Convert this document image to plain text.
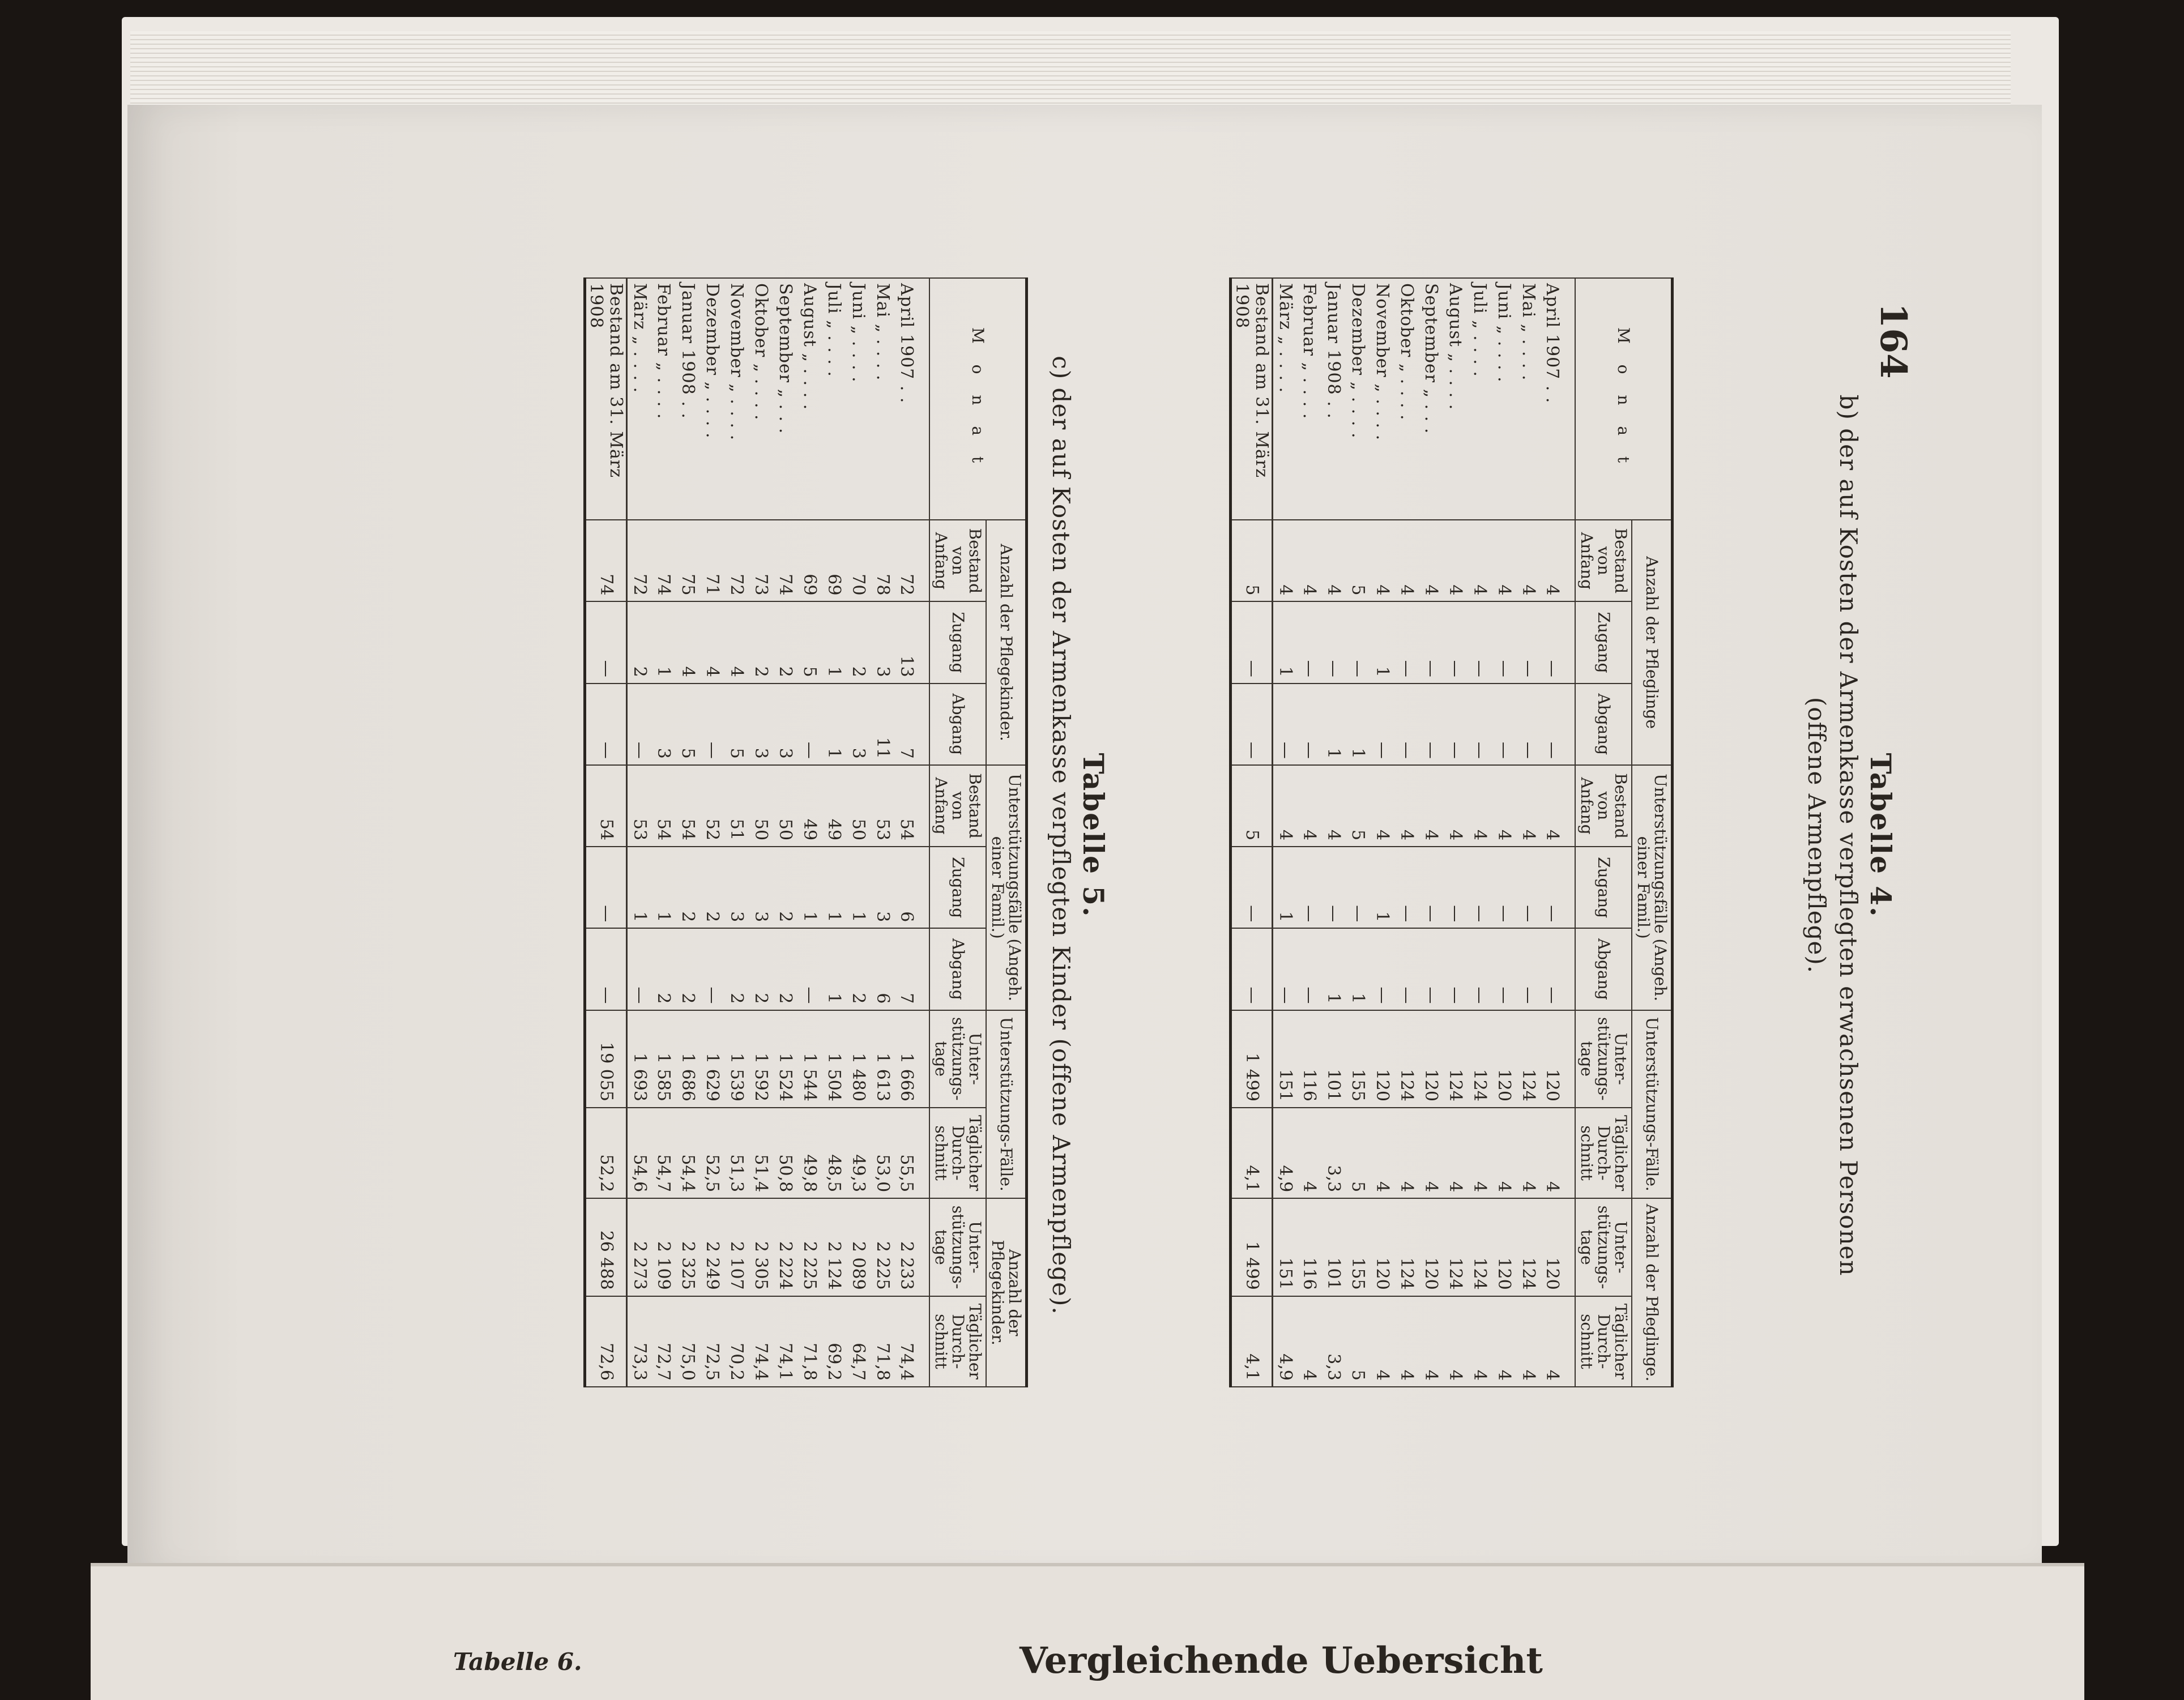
Tabelle 6.	Vergleichende Uebersicht
164
Tabelle 4.
b) der auf Kosten der Armenkasse verpflegten erwachsenen Personen
(offene Armenpflege).
M o n a t	Anzahl der Pfleglinge			Unterstützungsfälle (Angeh. einer Famil.)			Unterstützungs-Fälle.		Anzahl der Pfleglinge.	
	Bestand von Anfang	Zugang	Abgang	Bestand von Anfang	Zugang	Abgang	Unter-stützungs-tage	Täglicher Durch-schnitt	Unter-stützungs-tage	Täglicher Durch-schnitt
April 1907 . .	4	—	—	4	—	—	120	4	120	4
Mai „ . . . .	4	—	—	4	—	—	124	4	124	4
Juni „ . . . .	4	—	—	4	—	—	120	4	120	4
Juli „ . . . .	4	—	—	4	—	—	124	4	124	4
August „ . . . .	4	—	—	4	—	—	124	4	124	4
September „ . . .	4	—	—	4	—	—	120	4	120	4
Oktober „ . . . .	4	—	—	4	—	—	124	4	124	4
November „ . . . .	4	1	—	4	1	—	120	4	120	4
Dezember „ . . . .	5	—	1	5	—	1	155	5	155	5
Januar 1908 . .	4	—	1	4	—	1	101	3,3	101	3,3
Februar „ . . . .	4	—	—	4	—	—	116	4	116	4
März „ . . . .	4	1	—	4	1	—	151	4,9	151	4,9
Bestand am 31. März 1908	5	—	—	5	—	—	1 499	4,1	1 499	4,1
Tabelle 5.
c) der auf Kosten der Armenkasse verpflegten Kinder (offene Armenpflege).
M o n a t	Anzahl der Pflegekinder.			Unterstützungsfälle (Angeh. einer Famil.)			Unterstützungs-Fälle.		Anzahl der Pflegekinder.	
	Bestand von Anfang	Zugang	Abgang	Bestand von Anfang	Zugang	Abgang	Unter-stützungs-tage	Täglicher Durch-schnitt	Unter-stützungs-tage	Täglicher Durch-schnitt
April 1907 . .	72	13	7	54	6	7	1 666	55,5	2 233	74,4
Mai „ . . . .	78	3	11	53	3	6	1 613	53,0	2 225	71,8
Juni „ . . . .	70	2	3	50	1	2	1 480	49,3	2 089	64,7
Juli „ . . . .	69	1	1	49	1	1	1 504	48,5	2 124	69,2
August „ . . . .	69	5	—	49	1	—	1 544	49,8	2 225	71,8
September „ . . .	74	2	3	50	2	2	1 524	50,8	2 224	74,1
Oktober „ . . . .	73	2	3	50	3	2	1 592	51,4	2 305	74,4
November „ . . . .	72	4	5	51	3	2	1 539	51,3	2 107	70,2
Dezember „ . . . .	71	4	—	52	2	—	1 629	52,5	2 249	72,5
Januar 1908 . .	75	4	5	54	2	2	1 686	54,4	2 325	75,0
Februar „ . . . .	74	1	3	54	1	2	1 585	54,7	2 109	72,7
März „ . . . .	72	2	—	53	1	—	1 693	54,6	2 273	73,3
Bestand am 31. März 1908	74	—	—	54	—	—	19 055	52,2	26 488	72,6
